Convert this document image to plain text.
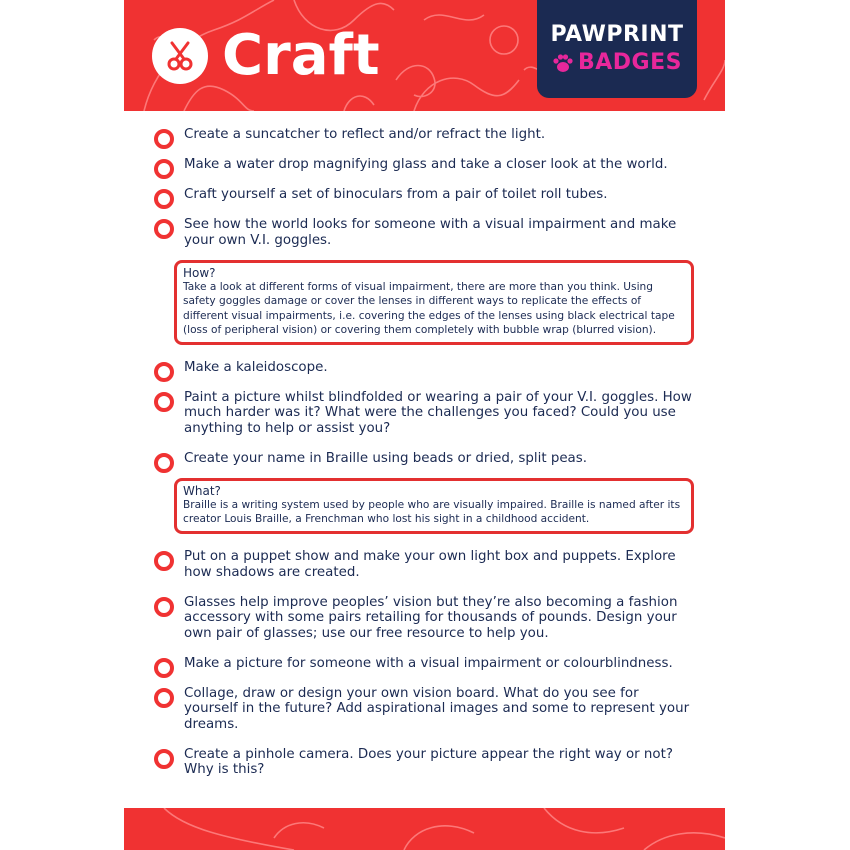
Craft	PAWPRINT
BADGES
Create a suncatcher to reflect and/or refract the light.
Make a water drop magnifying glass and take a closer look at the world.
Craft yourself a set of binoculars from a pair of toilet roll tubes.
See how the world looks for someone with a visual impairment and make your own V.I. goggles.
How?
Take a look at different forms of visual impairment, there are more than you think. Using safety goggles damage or cover the lenses in different ways to replicate the effects of different visual impairments, i.e. covering the edges of the lenses using black electrical tape (loss of peripheral vision) or covering them completely with bubble wrap (blurred vision).
Make a kaleidoscope.
Paint a picture whilst blindfolded or wearing a pair of your V.I. goggles. How much harder was it? What were the challenges you faced? Could you use anything to help or assist you?
Create your name in Braille using beads or dried, split peas.
What?
Braille is a writing system used by people who are visually impaired. Braille is named after its creator Louis Braille, a Frenchman who lost his sight in a childhood accident.
Put on a puppet show and make your own light box and puppets. Explore how shadows are created.
Glasses help improve peoples’ vision but they’re also becoming a fashion accessory with some pairs retailing for thousands of pounds. Design your own pair of glasses; use our free resource to help you.
Make a picture for someone with a visual impairment or colourblindness.
Collage, draw or design your own vision board. What do you see for yourself in the future? Add aspirational images and some to represent your dreams.
Create a pinhole camera. Does your picture appear the right way or not? Why is this?
